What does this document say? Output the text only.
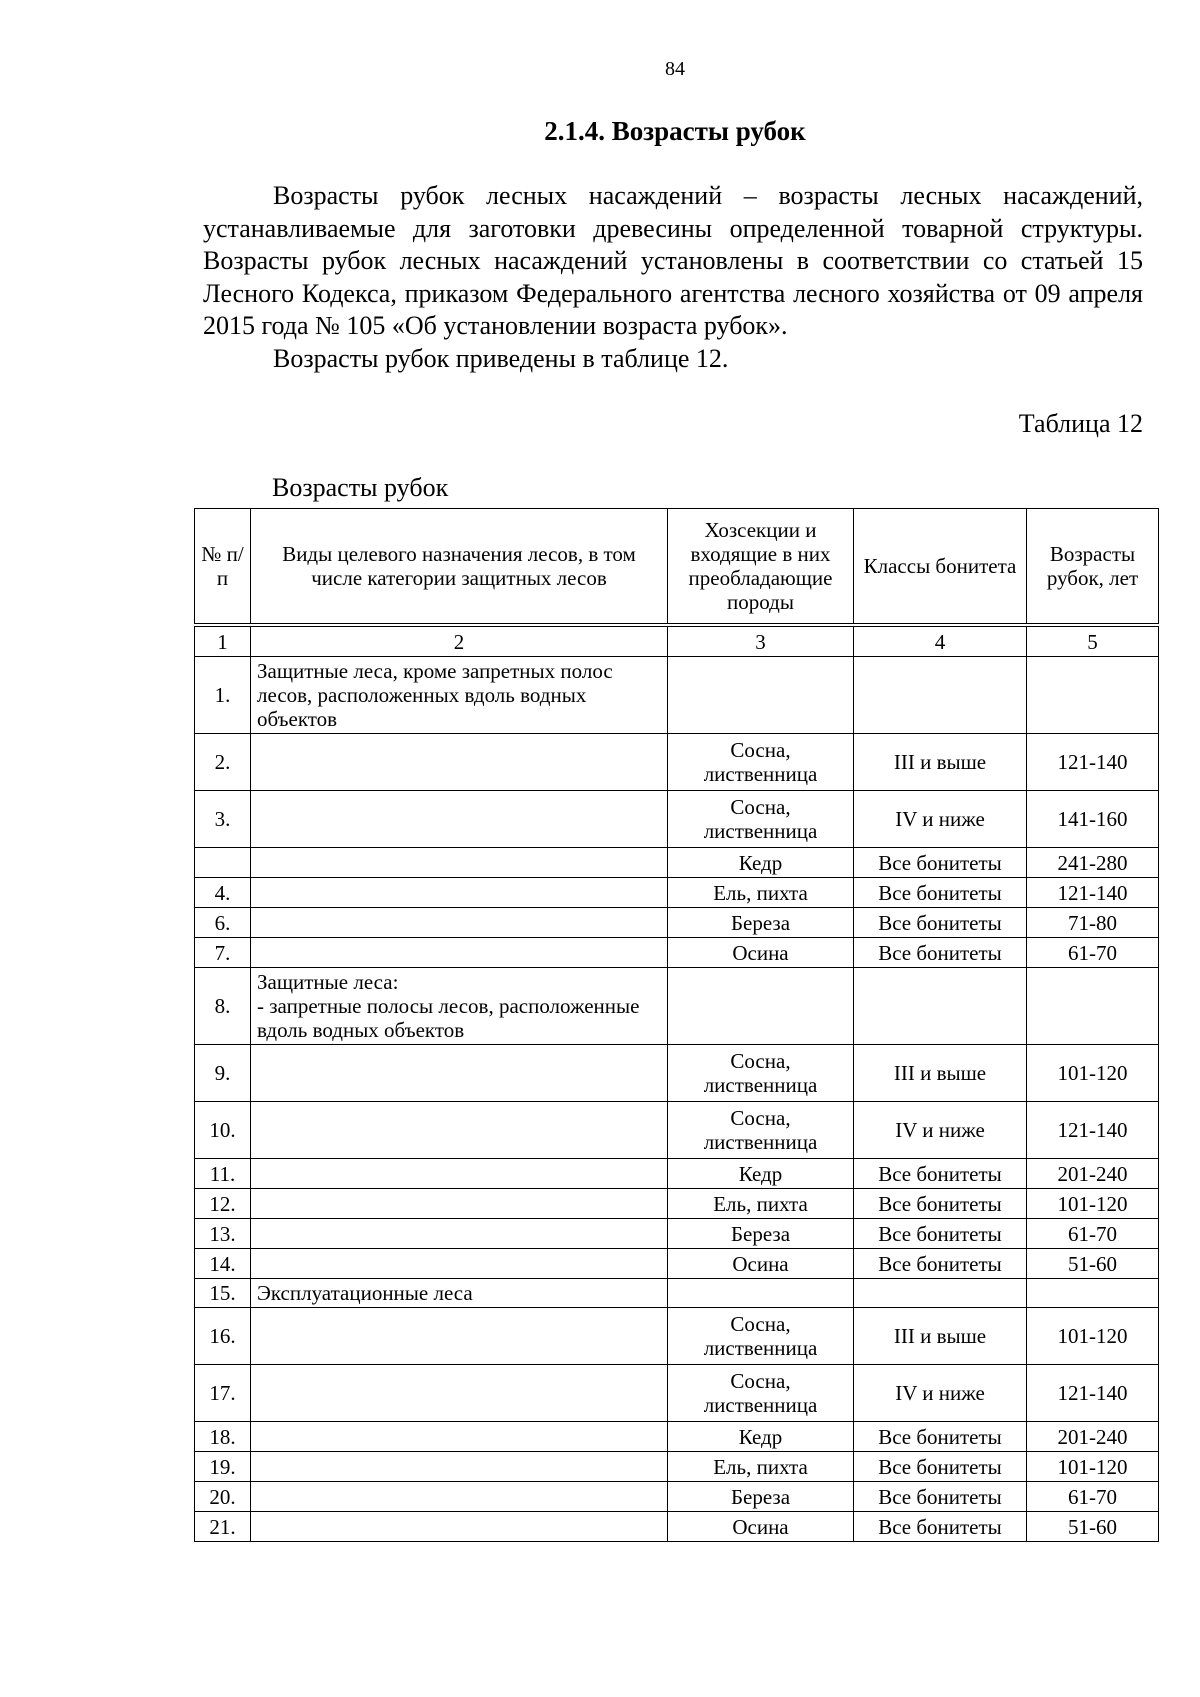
84
2.1.4. Возрасты рубок

Возрасты рубок лесных насаждений – возрасты лесных насаждений, устанавливаемые для заготовки древесины определенной товарной структуры. Возрасты рубок лесных насаждений установлены в соответствии со статьей 15 Лесного Кодекса, приказом Федерального агентства лесного хозяйства от 09 апреля 2015 года № 105 «Об установлении возраста рубок».

Возрасты рубок приведены в таблице 12.

Таблица 12
Возрасты рубок
№ п/п	Виды целевого назначения лесов, в том числе категории защитных лесов	Хозсекции и входящие в них преобладающие породы	Классы бонитета	Возрасты рубок, лет
1	2	3	4	5
1.	Защитные леса, кроме запретных полос лесов, расположенных вдоль водных объектов			
2.		Сосна, лиственница	III и выше	121-140
3.		Сосна, лиственница	IV и ниже	141-160
		Кедр	Все бонитеты	241-280
4.		Ель, пихта	Все бонитеты	121-140
6.		Береза	Все бонитеты	71-80
7.		Осина	Все бонитеты	61-70
8.	Защитные леса:
- запретные полосы лесов, расположенные вдоль водных объектов			
9.		Сосна, лиственница	III и выше	101-120
10.		Сосна, лиственница	IV и ниже	121-140
11.		Кедр	Все бонитеты	201-240
12.		Ель, пихта	Все бонитеты	101-120
13.		Береза	Все бонитеты	61-70
14.		Осина	Все бонитеты	51-60
15.	Эксплуатационные леса			
16.		Сосна, лиственница	III и выше	101-120
17.		Сосна, лиственница	IV и ниже	121-140
18.		Кедр	Все бонитеты	201-240
19.		Ель, пихта	Все бонитеты	101-120
20.		Береза	Все бонитеты	61-70
21.		Осина	Все бонитеты	51-60
